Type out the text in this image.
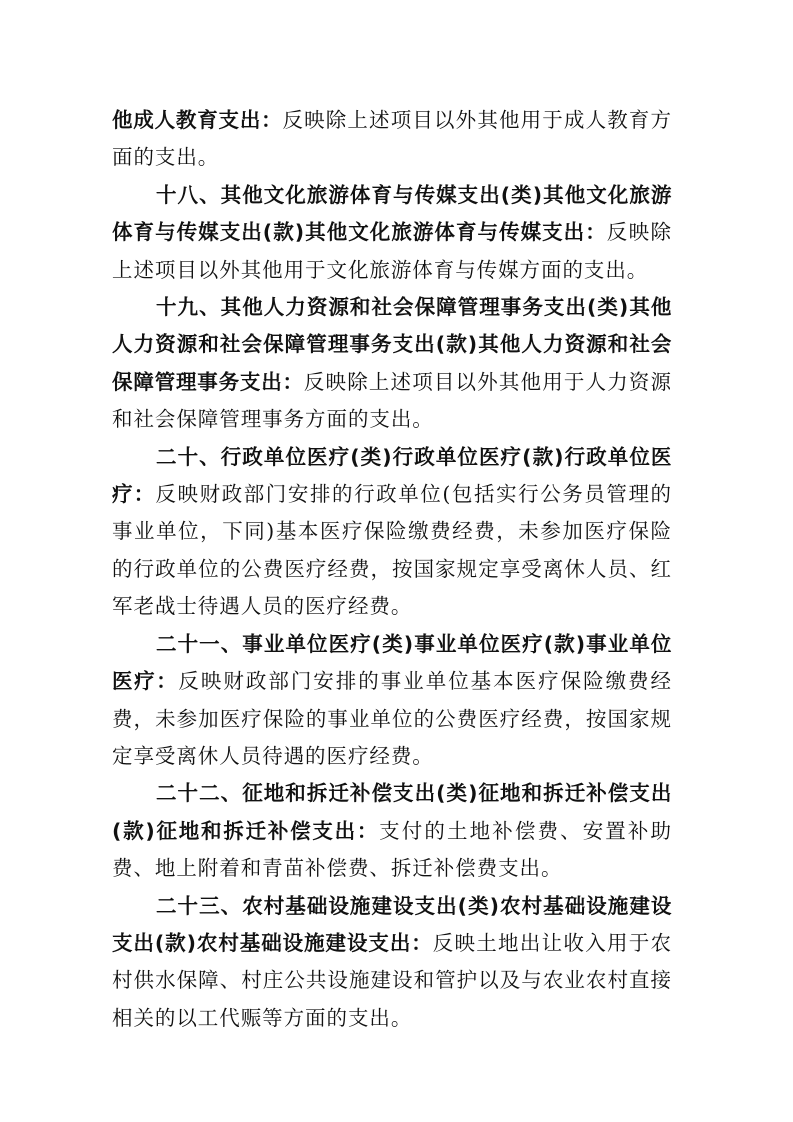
他成人教育支出：反映除上述项目以外其他用于成人教育方面的支出。

十八、其他文化旅游体育与传媒支出(类)其他文化旅游体育与传媒支出(款)其他文化旅游体育与传媒支出：反映除上述项目以外其他用于文化旅游体育与传媒方面的支出。

十九、其他人力资源和社会保障管理事务支出(类)其他人力资源和社会保障管理事务支出(款)其他人力资源和社会保障管理事务支出：反映除上述项目以外其他用于人力资源和社会保障管理事务方面的支出。

二十、行政单位医疗(类)行政单位医疗(款)行政单位医疗：反映财政部门安排的行政单位(包括实行公务员管理的事业单位，下同)基本医疗保险缴费经费，未参加医疗保险的行政单位的公费医疗经费，按国家规定享受离休人员、红军老战士待遇人员的医疗经费。

二十一、事业单位医疗(类)事业单位医疗(款)事业单位医疗：反映财政部门安排的事业单位基本医疗保险缴费经费，未参加医疗保险的事业单位的公费医疗经费，按国家规定享受离休人员待遇的医疗经费。

二十二、征地和拆迁补偿支出(类)征地和拆迁补偿支出(款)征地和拆迁补偿支出：支付的土地补偿费、安置补助费、地上附着和青苗补偿费、拆迁补偿费支出。

二十三、农村基础设施建设支出(类)农村基础设施建设支出(款)农村基础设施建设支出：反映土地出让收入用于农村供水保障、村庄公共设施建设和管护以及与农业农村直接相关的以工代赈等方面的支出。
